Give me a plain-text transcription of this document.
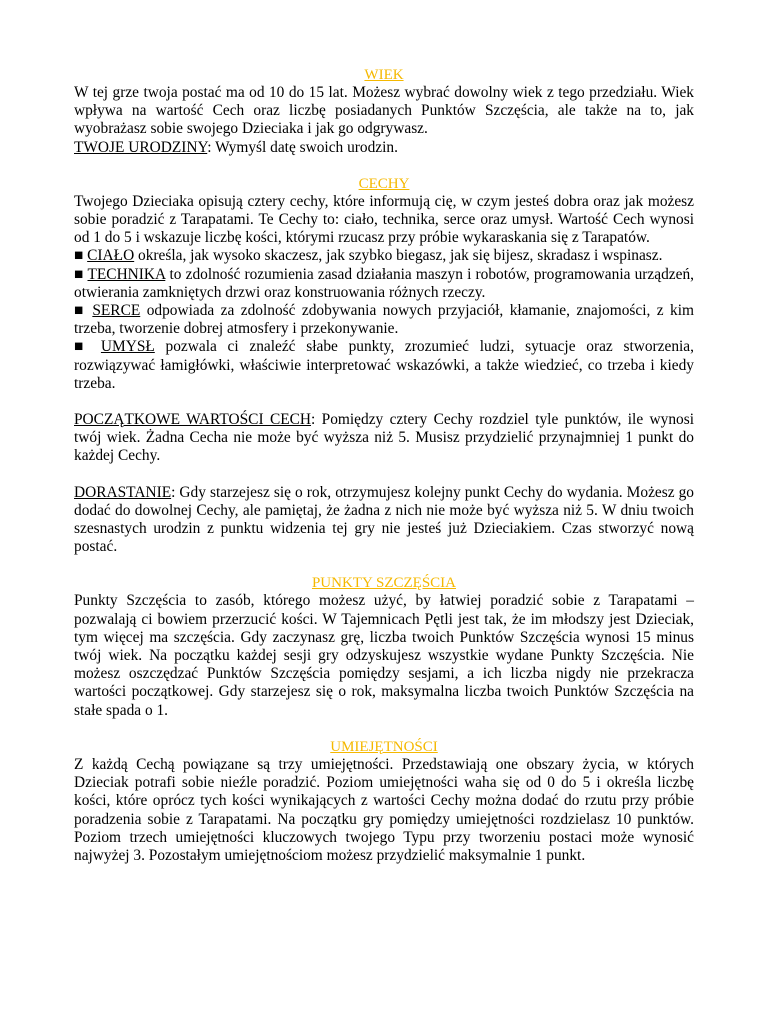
WIEK

W tej grze twoja postać ma od 10 do 15 lat. Możesz wybrać dowolny wiek z tego przedziału. Wiek wpływa na wartość Cech oraz liczbę posiadanych Punktów Szczęścia, ale także na to, jak wyobrażasz sobie swojego Dzieciaka i jak go odgrywasz.

TWOJE URODZINY: Wymyśl datę swoich urodzin.

CECHY

Twojego Dzieciaka opisują cztery cechy, które informują cię, w czym jesteś dobra oraz jak możesz sobie poradzić z Tarapatami. Te Cechy to: ciało, technika, serce oraz umysł. Wartość Cech wynosi od 1 do 5 i wskazuje liczbę kości, którymi rzucasz przy próbie wykaraskania się z Tarapatów.

■ CIAŁO określa, jak wysoko skaczesz, jak szybko biegasz, jak się bijesz, skradasz i wspinasz.

■ TECHNIKA to zdolność rozumienia zasad działania maszyn i robotów, programowania urządzeń, otwierania zamkniętych drzwi oraz konstruowania różnych rzeczy.

■ SERCE odpowiada za zdolność zdobywania nowych przyjaciół, kłamanie, znajomości, z kim trzeba, tworzenie dobrej atmosfery i przekonywanie.

■ UMYSŁ pozwala ci znaleźć słabe punkty, zrozumieć ludzi, sytuacje oraz stworzenia, rozwiązywać łamigłówki, właściwie interpretować wskazówki, a także wiedzieć, co trzeba i kiedy trzeba.

POCZĄTKOWE WARTOŚCI CECH: Pomiędzy cztery Cechy rozdziel tyle punktów, ile wynosi twój wiek. Żadna Cecha nie może być wyższa niż 5. Musisz przydzielić przynajmniej 1 punkt do każdej Cechy.

DORASTANIE: Gdy starzejesz się o rok, otrzymujesz kolejny punkt Cechy do wydania. Możesz go dodać do dowolnej Cechy, ale pamiętaj, że żadna z nich nie może być wyższa niż 5. W dniu twoich szesnastych urodzin z punktu widzenia tej gry nie jesteś już Dzieciakiem. Czas stworzyć nową postać.

PUNKTY SZCZĘŚCIA

Punkty Szczęścia to zasób, którego możesz użyć, by łatwiej poradzić sobie z Tarapatami – pozwalają ci bowiem przerzucić kości. W Tajemnicach Pętli jest tak, że im młodszy jest Dzieciak, tym więcej ma szczęścia. Gdy zaczynasz grę, liczba twoich Punktów Szczęścia wynosi 15 minus twój wiek. Na początku każdej sesji gry odzyskujesz wszystkie wydane Punkty Szczęścia. Nie możesz oszczędzać Punktów Szczęścia pomiędzy sesjami, a ich liczba nigdy nie przekracza wartości początkowej. Gdy starzejesz się o rok, maksymalna liczba twoich Punktów Szczęścia na stałe spada o 1.

UMIEJĘTNOŚCI

Z każdą Cechą powiązane są trzy umiejętności. Przedstawiają one obszary życia, w których Dzieciak potrafi sobie nieźle poradzić. Poziom umiejętności waha się od 0 do 5 i określa liczbę kości, które oprócz tych kości wynikających z wartości Cechy można dodać do rzutu przy próbie poradzenia sobie z Tarapatami. Na początku gry pomiędzy umiejętności rozdzielasz 10 punktów. Poziom trzech umiejętności kluczowych twojego Typu przy tworzeniu postaci może wynosić najwyżej 3. Pozostałym umiejętnościom możesz przydzielić maksymalnie 1 punkt.
